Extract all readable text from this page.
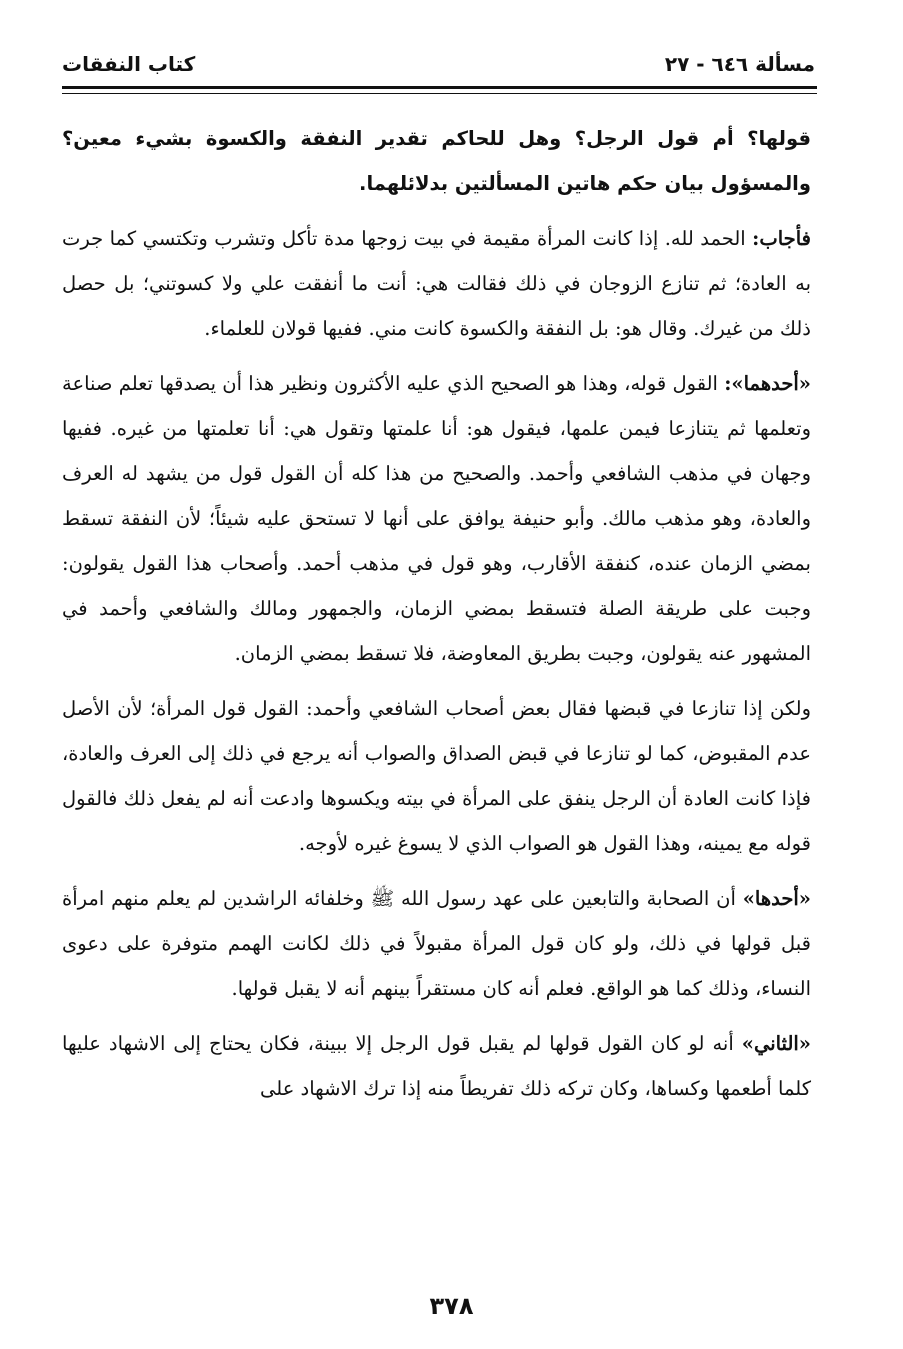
مسألة ٦٤٦ - ٢٧
كتاب النفقات

قولها؟ أم قول الرجل؟ وهل للحاكم تقدير النفقة والكسوة بشيء معين؟ والمسؤول بيان حكم هاتين المسألتين بدلائلهما.

فأجاب: الحمد لله. إذا كانت المرأة مقيمة في بيت زوجها مدة تأكل وتشرب وتكتسي كما جرت به العادة؛ ثم تنازع الزوجان في ذلك فقالت هي: أنت ما أنفقت علي ولا كسوتني؛ بل حصل ذلك من غيرك. وقال هو: بل النفقة والكسوة كانت مني. ففيها قولان للعلماء.

«أحدهما»: القول قوله، وهذا هو الصحيح الذي عليه الأكثرون ونظير هذا أن يصدقها تعلم صناعة وتعلمها ثم يتنازعا فيمن علمها، فيقول هو: أنا علمتها وتقول هي: أنا تعلمتها من غيره. ففيها وجهان في مذهب الشافعي وأحمد. والصحيح من هذا كله أن القول قول من يشهد له العرف والعادة، وهو مذهب مالك. وأبو حنيفة يوافق على أنها لا تستحق عليه شيئاً؛ لأن النفقة تسقط بمضي الزمان عنده، كنفقة الأقارب، وهو قول في مذهب أحمد. وأصحاب هذا القول يقولون: وجبت على طريقة الصلة فتسقط بمضي الزمان، والجمهور ومالك والشافعي وأحمد في المشهور عنه يقولون، وجبت بطريق المعاوضة، فلا تسقط بمضي الزمان.

ولكن إذا تنازعا في قبضها فقال بعض أصحاب الشافعي وأحمد: القول قول المرأة؛ لأن الأصل عدم المقبوض، كما لو تنازعا في قبض الصداق والصواب أنه يرجع في ذلك إلى العرف والعادة، فإذا كانت العادة أن الرجل ينفق على المرأة في بيته ويكسوها وادعت أنه لم يفعل ذلك فالقول قوله مع يمينه، وهذا القول هو الصواب الذي لا يسوغ غيره لأوجه.

«أحدها» أن الصحابة والتابعين على عهد رسول الله ﷺ وخلفائه الراشدين لم يعلم منهم امرأة قبل قولها في ذلك، ولو كان قول المرأة مقبولاً في ذلك لكانت الهمم متوفرة على دعوى النساء، وذلك كما هو الواقع. فعلم أنه كان مستقراً بينهم أنه لا يقبل قولها.

«الثاني» أنه لو كان القول قولها لم يقبل قول الرجل إلا ببينة، فكان يحتاج إلى الاشهاد عليها كلما أطعمها وكساها، وكان تركه ذلك تفريطاً منه إذا ترك الاشهاد على

٣٧٨
